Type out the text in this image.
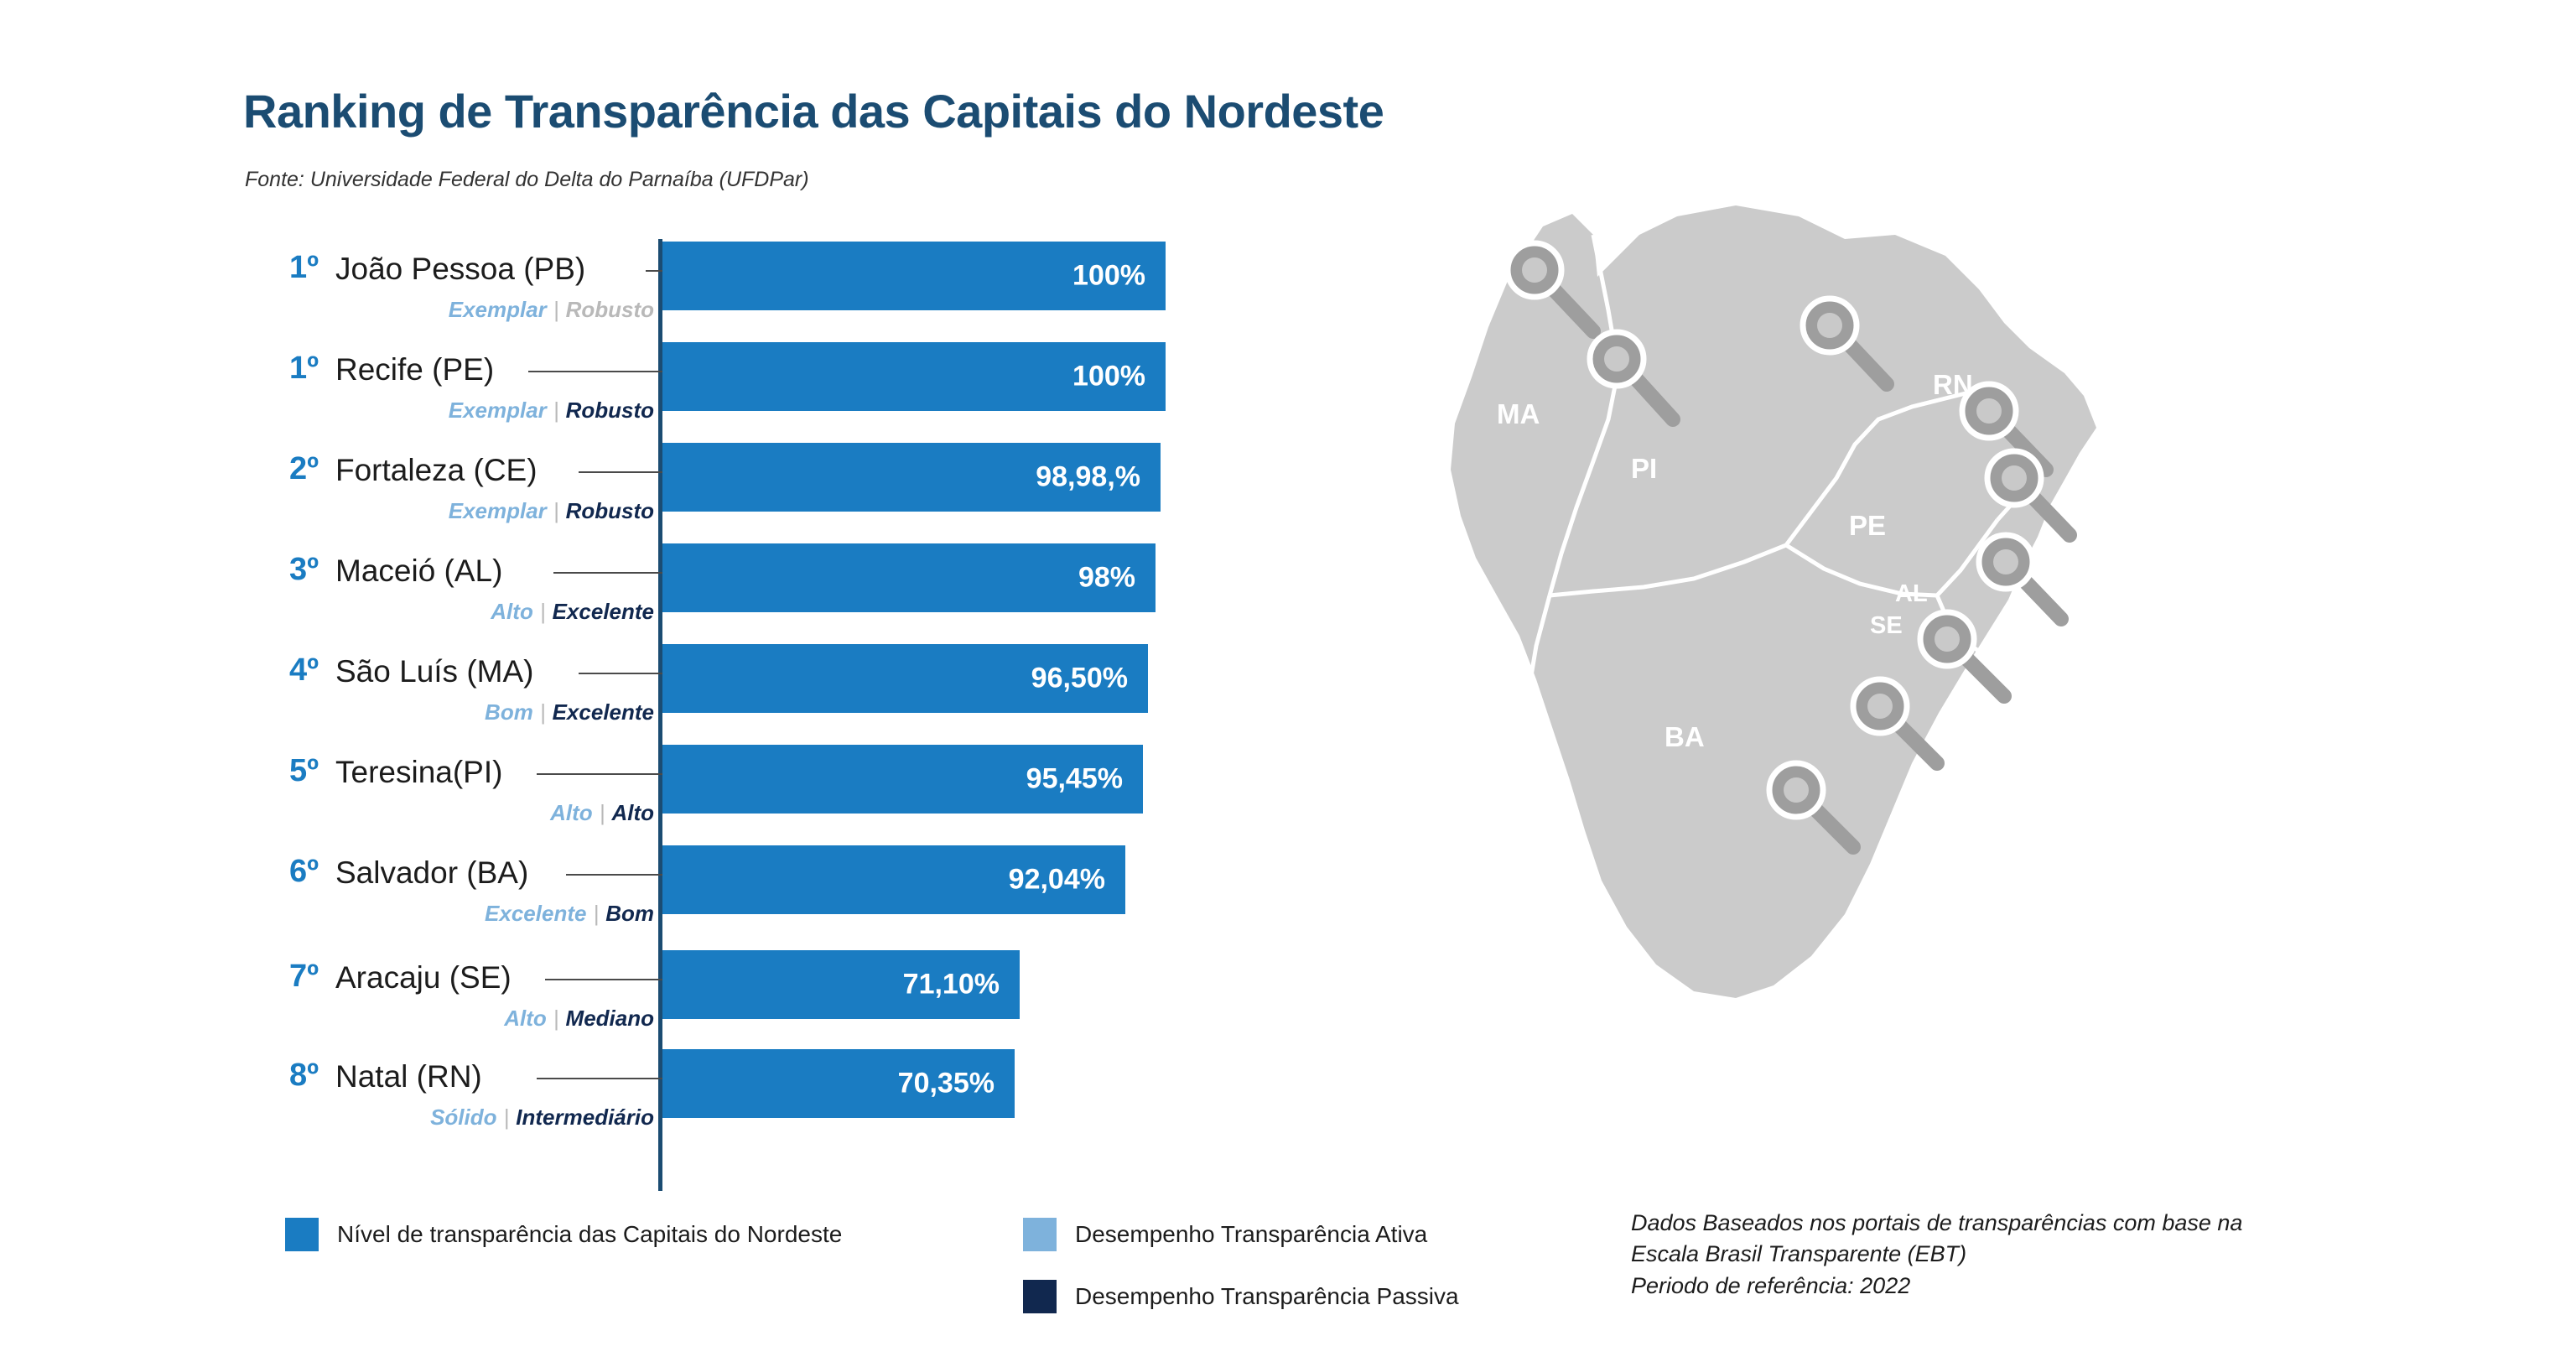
Ranking de Transparência das Capitais do Nordeste
Fonte: Universidade Federal do Delta do Parnaíba (UFDPar)
100%
1º João Pessoa (PB)
Exemplar | Robusto
100%
1º Recife (PE)
Exemplar | Robusto
98,98,%
2º Fortaleza (CE)
Exemplar | Robusto
98%
3º Maceió (AL)
Alto | Excelente
96,50%
4º São Luís (MA)
Bom | Excelente
95,45%
5º Teresina(PI)
Alto | Alto
92,04%
6º Salvador (BA)
Excelente | Bom
71,10%
7º Aracaju (SE)
Alto | Mediano
70,35%
8º Natal (RN)
Sólido | Intermediário
Nível de transparência das Capitais do Nordeste	Desempenho Transparência Ativa
Desempenho Transparência Passiva
MA
PI
RN
PE
AL
SE
BA
Dados Baseados nos portais de transparências com base na
Escala Brasil Transparente (EBT)
Periodo de referência: 2022
